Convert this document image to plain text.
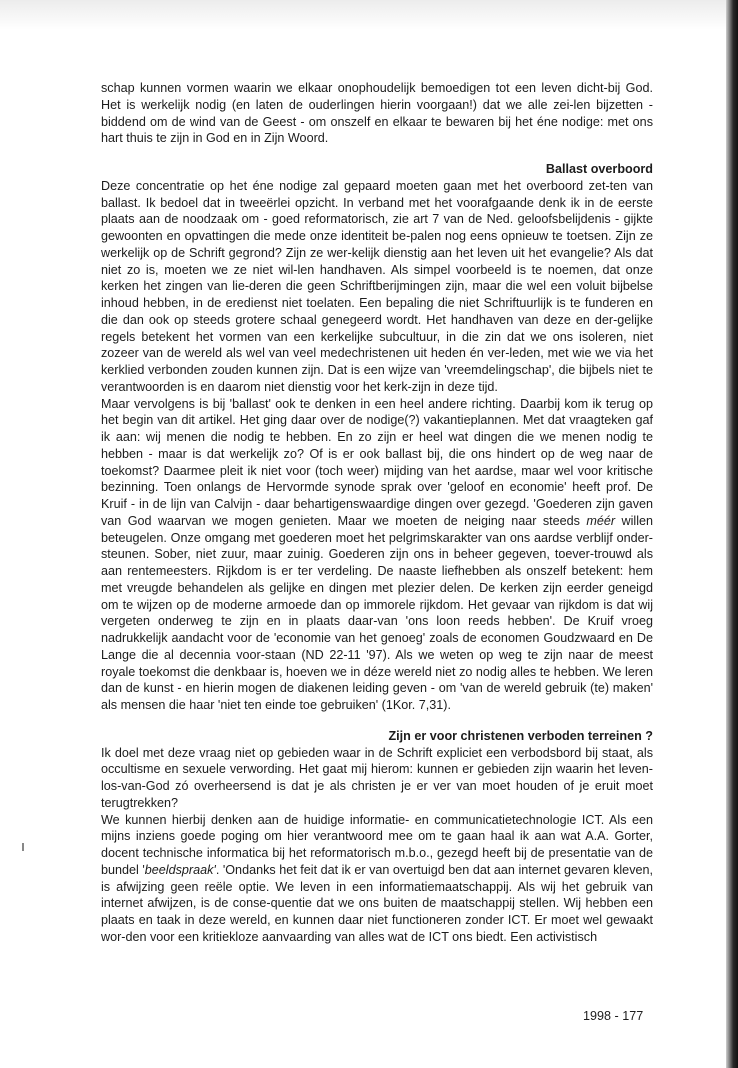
schap kunnen vormen waarin we elkaar onophoudelijk bemoedigen tot een leven dicht-bij God. Het is werkelijk nodig (en laten de ouderlingen hierin voorgaan!) dat we alle zei-len bijzetten - biddend om de wind van de Geest - om onszelf en elkaar te bewaren bij het éne nodige: met ons hart thuis te zijn in God en in Zijn Woord.

Ballast overboord

Deze concentratie op het éne nodige zal gepaard moeten gaan met het overboord zet-ten van ballast. Ik bedoel dat in tweeërlei opzicht. In verband met het voorafgaande denk ik in de eerste plaats aan de noodzaak om - goed reformatorisch, zie art 7 van de Ned. geloofsbelijdenis - gijkte gewoonten en opvattingen die mede onze identiteit be-palen nog eens opnieuw te toetsen. Zijn ze werkelijk op de Schrift gegrond? Zijn ze wer-kelijk dienstig aan het leven uit het evangelie? Als dat niet zo is, moeten we ze niet wil-len handhaven. Als simpel voorbeeld is te noemen, dat onze kerken het zingen van lie-deren die geen Schriftberijmingen zijn, maar die wel een voluit bijbelse inhoud hebben, in de eredienst niet toelaten. Een bepaling die niet Schriftuurlijk is te funderen en die dan ook op steeds grotere schaal genegeerd wordt. Het handhaven van deze en der-gelijke regels betekent het vormen van een kerkelijke subcultuur, in die zin dat we ons isoleren, niet zozeer van de wereld als wel van veel medechristenen uit heden én ver-leden, met wie we via het kerklied verbonden zouden kunnen zijn. Dat is een wijze van 'vreemdelingschap', die bijbels niet te verantwoorden is en daarom niet dienstig voor het kerk-zijn in deze tijd.

Maar vervolgens is bij 'ballast' ook te denken in een heel andere richting. Daarbij kom ik terug op het begin van dit artikel. Het ging daar over de nodige(?) vakantieplannen. Met dat vraagteken gaf ik aan: wij menen die nodig te hebben. En zo zijn er heel wat dingen die we menen nodig te hebben - maar is dat werkelijk zo? Of is er ook ballast bij, die ons hindert op de weg naar de toekomst? Daarmee pleit ik niet voor (toch weer) mijding van het aardse, maar wel voor kritische bezinning. Toen onlangs de Hervormde synode sprak over 'geloof en economie' heeft prof. De Kruif - in de lijn van Calvijn - daar behartigenswaardige dingen over gezegd. 'Goederen zijn gaven van God waarvan we mogen genieten. Maar we moeten de neiging naar steeds méér willen beteugelen. Onze omgang met goederen moet het pelgrimskarakter van ons aardse verblijf onder-steunen. Sober, niet zuur, maar zuinig. Goederen zijn ons in beheer gegeven, toever-trouwd als aan rentemeesters. Rijkdom is er ter verdeling. De naaste liefhebben als onszelf betekent: hem met vreugde behandelen als gelijke en dingen met plezier delen. De kerken zijn eerder geneigd om te wijzen op de moderne armoede dan op immorele rijkdom. Het gevaar van rijkdom is dat wij vergeten onderweg te zijn en in plaats daar-van 'ons loon reeds hebben'. De Kruif vroeg nadrukkelijk aandacht voor de 'economie van het genoeg' zoals de economen Goudzwaard en De Lange die al decennia voor-staan (ND 22-11 '97). Als we weten op weg te zijn naar de meest royale toekomst die denkbaar is, hoeven we in déze wereld niet zo nodig alles te hebben. We leren dan de kunst - en hierin mogen de diakenen leiding geven - om 'van de wereld gebruik (te) maken' als mensen die haar 'niet ten einde toe gebruiken' (1Kor. 7,31).

Zijn er voor christenen verboden terreinen ?

Ik doel met deze vraag niet op gebieden waar in de Schrift expliciet een verbodsbord bij staat, als occultisme en sexuele verwording. Het gaat mij hierom: kunnen er gebieden zijn waarin het leven-los-van-God zó overheersend is dat je als christen je er ver van moet houden of je eruit moet terugtrekken?

We kunnen hierbij denken aan de huidige informatie- en communicatietechnologie ICT. Als een mijns inziens goede poging om hier verantwoord mee om te gaan haal ik aan wat A.A. Gorter, docent technische informatica bij het reformatorisch m.b.o., gezegd heeft bij de presentatie van de bundel 'beeldspraak'. 'Ondanks het feit dat ik er van overtuigd ben dat aan internet gevaren kleven, is afwijzing geen reële optie. We leven in een informatiemaatschappij. Als wij het gebruik van internet afwijzen, is de conse-quentie dat we ons buiten de maatschappij stellen. Wij hebben een plaats en taak in deze wereld, en kunnen daar niet functioneren zonder ICT. Er moet wel gewaakt wor-den voor een kritiekloze aanvaarding van alles wat de ICT ons biedt. Een activistisch

1998 - 177
